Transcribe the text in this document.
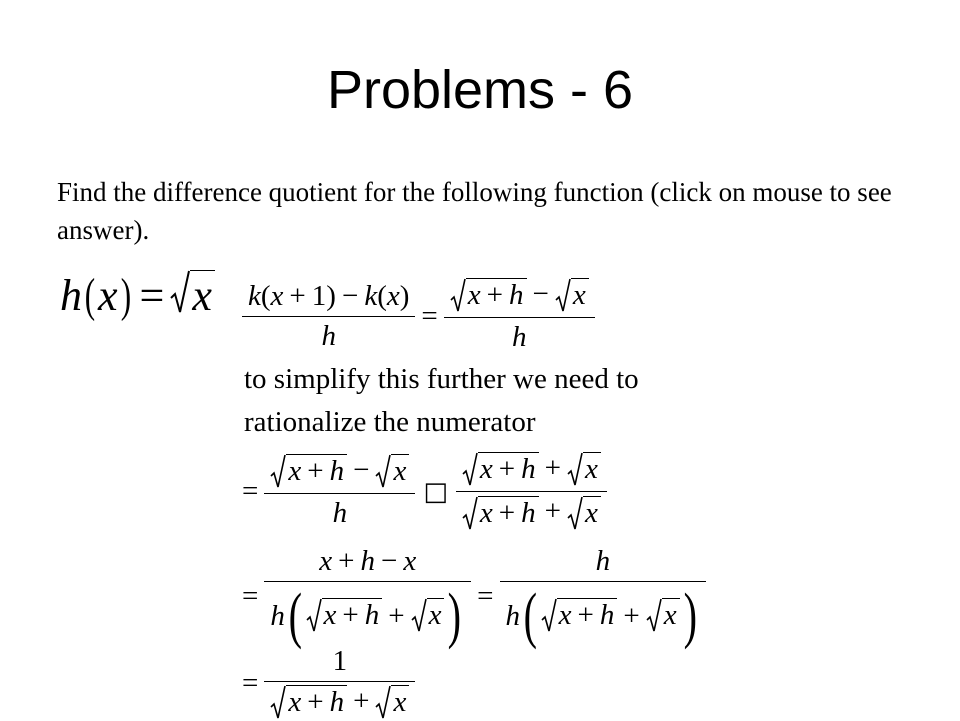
Problems - 6
Find the difference quotient for the following function (click on mouse to see answer).
h ( x ) = x $\frac{k(x + 1) - k(x)}{h} = \frac{x + h - x}{h}$
to simplify this further we need to
rationalize the numerator
= $\frac{x + h - x}{h}$ □ $\frac{x + h + x}{x + h + x}$
= $\frac{x + h - x}{h ( x + h + x )} = \frac{h}{h ( x + h + x )}$
= $\frac{1}{x + h + x}$
